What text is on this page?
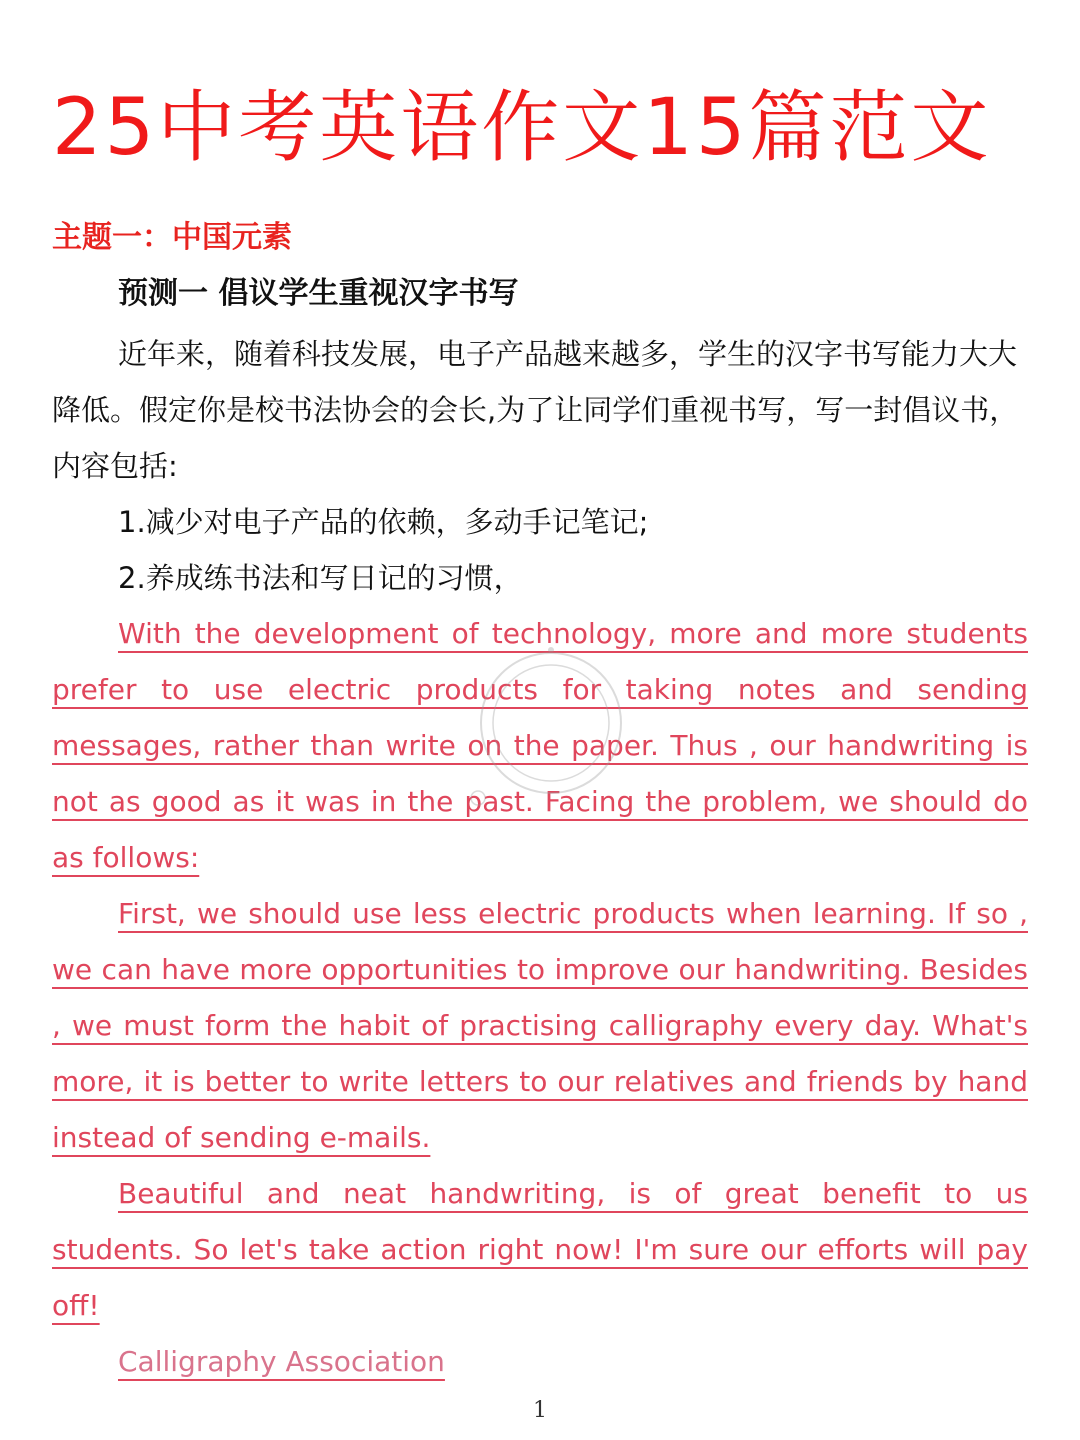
25中考英语作文15篇范文
主题一：中国元素
预测一 倡议学生重视汉字书写

近年来，随着科技发展，电子产品越来越多，学生的汉字书写能力大大降低。假定你是校书法协会的会长,为了让同学们重视书写，写一封倡议书，内容包括:

1.减少对电子产品的依赖，多动手记笔记;

2.养成练书法和写日记的习惯，

With the development of technology, more and more students prefer to use electric products for taking notes and sending messages, rather than write on the paper. Thus , our handwriting is not as good as it was in the past. Facing the problem, we should do as follows:

First, we should use less electric products when learning. If so , we can have more opportunities to improve our handwriting. Besides , we must form the habit of practising calligraphy every day. What's more, it is better to write letters to our relatives and friends by hand instead of sending e-mails.

Beautiful and neat handwriting, is of great benefit to us students. So let's take action right now! I'm sure our efforts will pay off!

Calligraphy Association

1
